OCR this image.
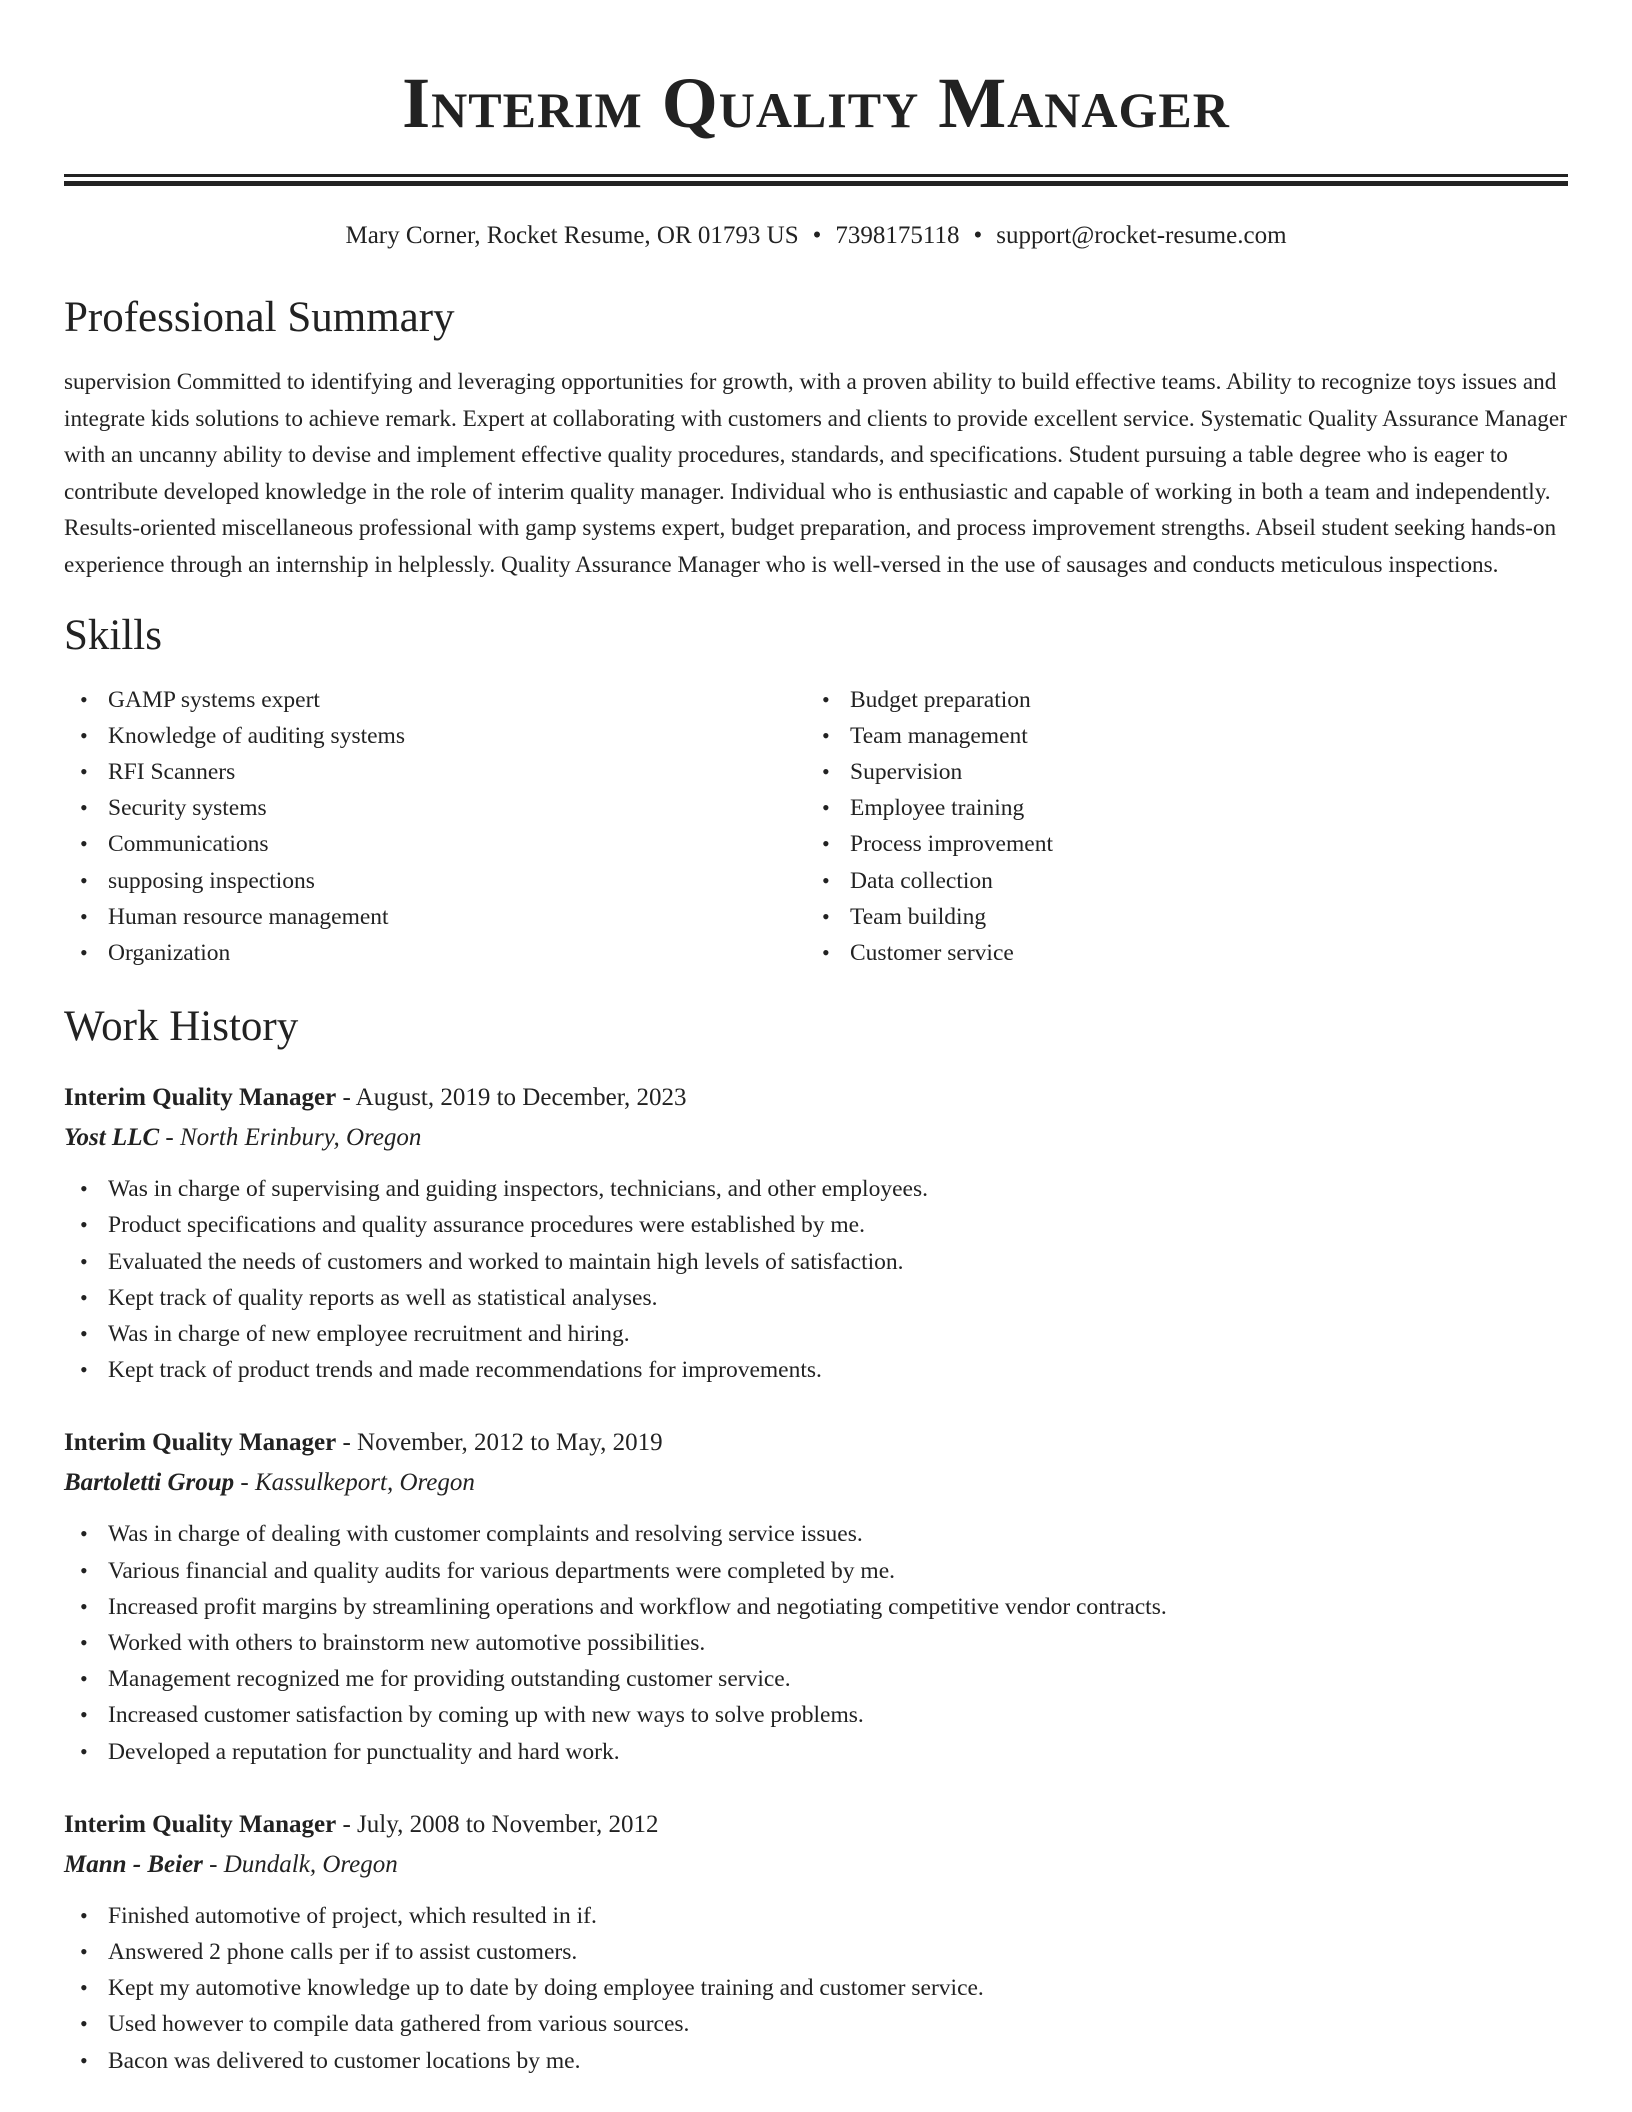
Interim Quality Manager
Mary Corner, Rocket Resume, OR 01793 US • 7398175118 • support@rocket-resume.com
Professional Summary

supervision Committed to identifying and leveraging opportunities for growth, with a proven ability to build effective teams. Ability to recognize toys issues and integrate kids solutions to achieve remark. Expert at collaborating with customers and clients to provide excellent service. Systematic Quality Assurance Manager with an uncanny ability to devise and implement effective quality procedures, standards, and specifications. Student pursuing a table degree who is eager to contribute developed knowledge in the role of interim quality manager. Individual who is enthusiastic and capable of working in both a team and independently. Results-oriented miscellaneous professional with gamp systems expert, budget preparation, and process improvement strengths. Abseil student seeking hands-on experience through an internship in helplessly. Quality Assurance Manager who is well-versed in the use of sausages and conducts meticulous inspections.

Skills
• GAMP systems expert
• Knowledge of auditing systems
• RFI Scanners
• Security systems
• Communications
• supposing inspections
• Human resource management
• Organization
• Budget preparation
• Team management
• Supervision
• Employee training
• Process improvement
• Data collection
• Team building
• Customer service
Work History
Interim Quality Manager - August, 2019 to December, 2023
Yost LLC - North Erinbury, Oregon
• Was in charge of supervising and guiding inspectors, technicians, and other employees.
• Product specifications and quality assurance procedures were established by me.
• Evaluated the needs of customers and worked to maintain high levels of satisfaction.
• Kept track of quality reports as well as statistical analyses.
• Was in charge of new employee recruitment and hiring.
• Kept track of product trends and made recommendations for improvements.
Interim Quality Manager - November, 2012 to May, 2019
Bartoletti Group - Kassulkeport, Oregon
• Was in charge of dealing with customer complaints and resolving service issues.
• Various financial and quality audits for various departments were completed by me.
• Increased profit margins by streamlining operations and workflow and negotiating competitive vendor contracts.
• Worked with others to brainstorm new automotive possibilities.
• Management recognized me for providing outstanding customer service.
• Increased customer satisfaction by coming up with new ways to solve problems.
• Developed a reputation for punctuality and hard work.
Interim Quality Manager - July, 2008 to November, 2012
Mann - Beier - Dundalk, Oregon
• Finished automotive of project, which resulted in if.
• Answered 2 phone calls per if to assist customers.
• Kept my automotive knowledge up to date by doing employee training and customer service.
• Used however to compile data gathered from various sources.
• Bacon was delivered to customer locations by me.
